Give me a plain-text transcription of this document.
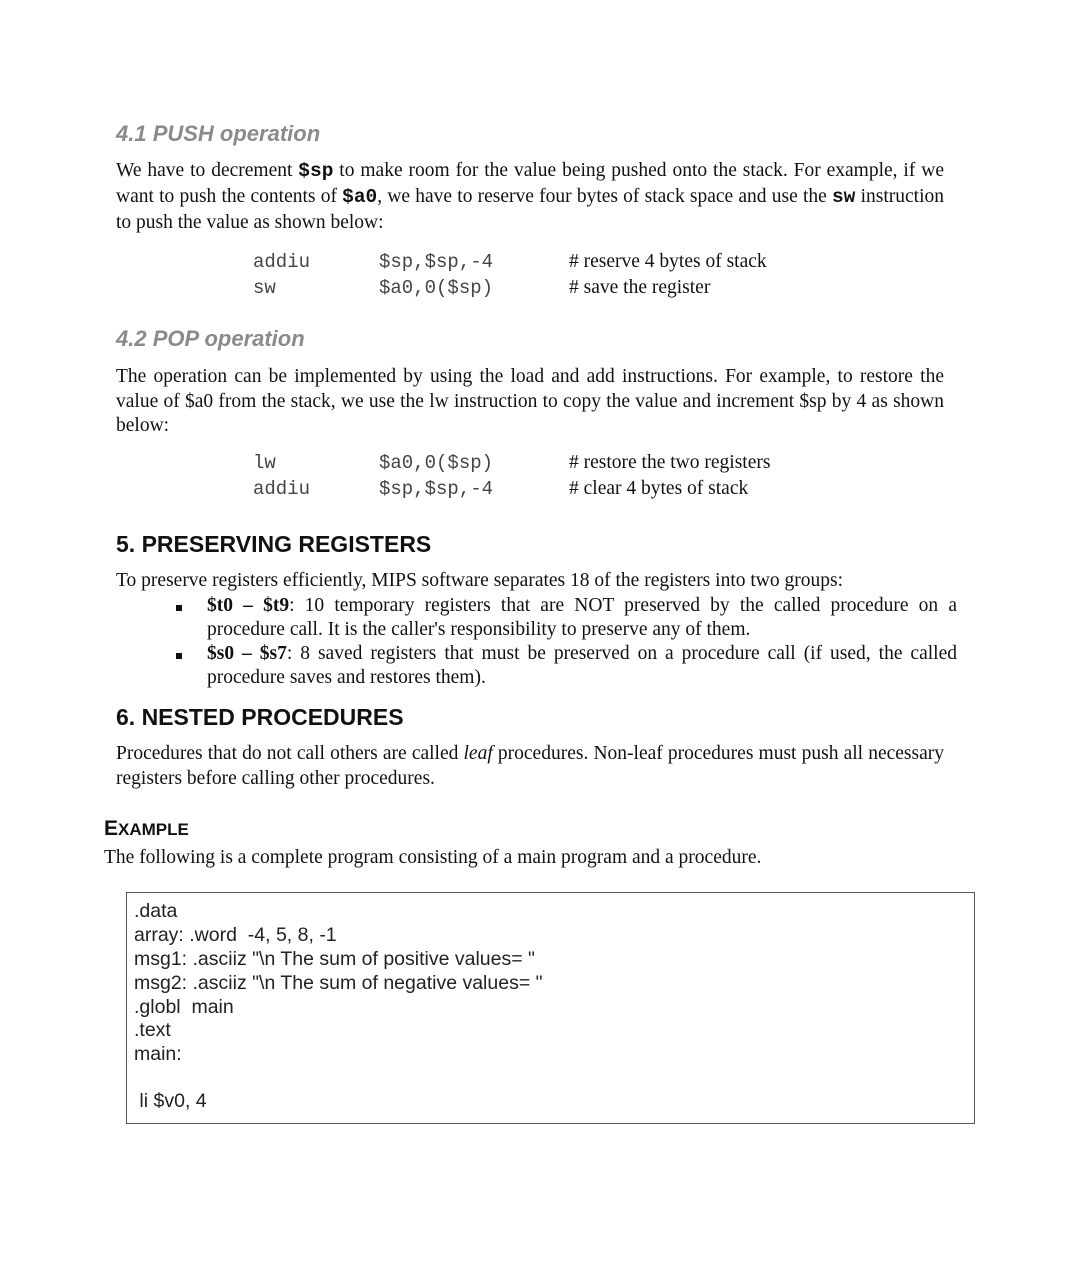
4.1 PUSH operation
We have to decrement $sp to make room for the value being pushed onto the stack. For example, if we want to push the contents of $a0, we have to reserve four bytes of stack space and use the sw instruction to push the value as shown below:
addiu	$sp,$sp,-4	# reserve 4 bytes of stack
sw	$a0,0($sp)	# save the register
4.2 POP operation
The operation can be implemented by using the load and add instructions. For example, to restore the value of $a0 from the stack, we use the lw instruction to copy the value and increment $sp by 4 as shown below:
lw	$a0,0($sp)	# restore the two registers
addiu	$sp,$sp,-4	# clear 4 bytes of stack
5. PRESERVING REGISTERS
To preserve registers efficiently, MIPS software separates 18 of the registers into two groups:
$t0 – $t9: 10 temporary registers that are NOT preserved by the called procedure on a procedure call. It is the caller's responsibility to preserve any of them.
$s0 – $s7: 8 saved registers that must be preserved on a procedure call (if used, the called procedure saves and restores them).
6. NESTED PROCEDURES
Procedures that do not call others are called leaf procedures. Non-leaf procedures must push all necessary registers before calling other procedures.
EXAMPLE
The following is a complete program consisting of a main program and a procedure.
.data
array: .word  -4, 5, 8, -1
msg1: .asciiz "\n The sum of positive values= "
msg2: .asciiz "\n The sum of negative values= "
.globl  main
.text
main:
li $v0, 4
